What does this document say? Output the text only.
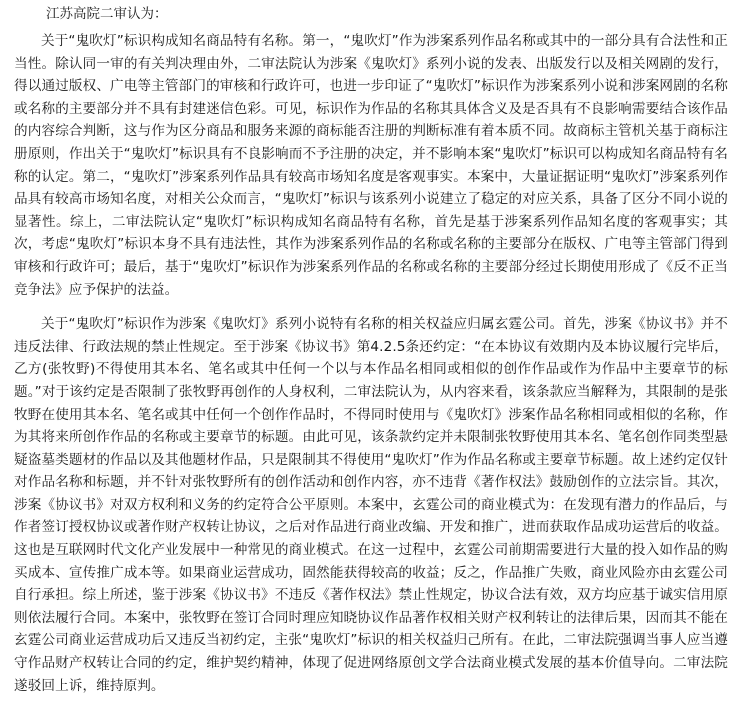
江苏高院二审认为：

关于“鬼吹灯”标识构成知名商品特有名称。第一，“鬼吹灯”作为涉案系列作品名称或其中的一部分具有合法性和正当性。除认同一审的有关判决理由外，二审法院认为涉案《鬼吹灯》系列小说的发表、出版发行以及相关网剧的发行，得以通过版权、广电等主管部门的审核和行政许可，也进一步印证了“鬼吹灯”标识作为涉案系列小说和涉案网剧的名称或名称的主要部分并不具有封建迷信色彩。可见，标识作为作品的名称其具体含义及是否具有不良影响需要结合该作品的内容综合判断，这与作为区分商品和服务来源的商标能否注册的判断标准有着本质不同。故商标主管机关基于商标注册原则，作出关于“鬼吹灯”标识具有不良影响而不予注册的决定，并不影响本案“鬼吹灯”标识可以构成知名商品特有名称的认定。第二，“鬼吹灯”涉案系列作品具有较高市场知名度是客观事实。本案中，大量证据证明“鬼吹灯”涉案系列作品具有较高市场知名度，对相关公众而言，“鬼吹灯”标识与该系列小说建立了稳定的对应关系，具备了区分不同小说的显著性。综上，二审法院认定“鬼吹灯”标识构成知名商品特有名称，首先是基于涉案系列作品知名度的客观事实；其次，考虑“鬼吹灯”标识本身不具有违法性，其作为涉案系列作品的名称或名称的主要部分在版权、广电等主管部门得到审核和行政许可；最后，基于“鬼吹灯”标识作为涉案系列作品的名称或名称的主要部分经过长期使用形成了《反不正当竞争法》应予保护的法益。

关于“鬼吹灯”标识作为涉案《鬼吹灯》系列小说特有名称的相关权益应归属玄霆公司。首先，涉案《协议书》并不违反法律、行政法规的禁止性规定。至于涉案《协议书》第4.2.5条还约定：“在本协议有效期内及本协议履行完毕后，乙方(张牧野)不得使用其本名、笔名或其中任何一个以与本作品名相同或相似的创作作品或作为作品中主要章节的标题。”对于该约定是否限制了张牧野再创作的人身权利，二审法院认为，从内容来看，该条款应当解释为，其限制的是张牧野在使用其本名、笔名或其中任何一个创作作品时，不得同时使用与《鬼吹灯》涉案作品名称相同或相似的名称，作为其将来所创作作品的名称或主要章节的标题。由此可见，该条款约定并未限制张牧野使用其本名、笔名创作同类型悬疑盗墓类题材的作品以及其他题材作品，只是限制其不得使用“鬼吹灯”作为作品名称或主要章节标题。故上述约定仅针对作品名称和标题，并不针对张牧野所有的创作活动和创作内容，亦不违背《著作权法》鼓励创作的立法宗旨。其次，涉案《协议书》对双方权利和义务的约定符合公平原则。本案中，玄霆公司的商业模式为：在发现有潜力的作品后，与作者签订授权协议或著作财产权转让协议，之后对作品进行商业改编、开发和推广，进而获取作品成功运营后的收益。这也是互联网时代文化产业发展中一种常见的商业模式。在这一过程中，玄霆公司前期需要进行大量的投入如作品的购买成本、宣传推广成本等。如果商业运营成功，固然能获得较高的收益；反之，作品推广失败，商业风险亦由玄霆公司自行承担。综上所述，鉴于涉案《协议书》不违反《著作权法》禁止性规定，协议合法有效，双方均应基于诚实信用原则依法履行合同。本案中，张牧野在签订合同时理应知晓协议作品著作权相关财产权利转让的法律后果，因而其不能在玄霆公司商业运营成功后又违反当初约定，主张“鬼吹灯”标识的相关权益归己所有。在此，二审法院强调当事人应当遵守作品财产权转让合同的约定，维护契约精神，体现了促进网络原创文学合法商业模式发展的基本价值导向。二审法院遂驳回上诉，维持原判。
